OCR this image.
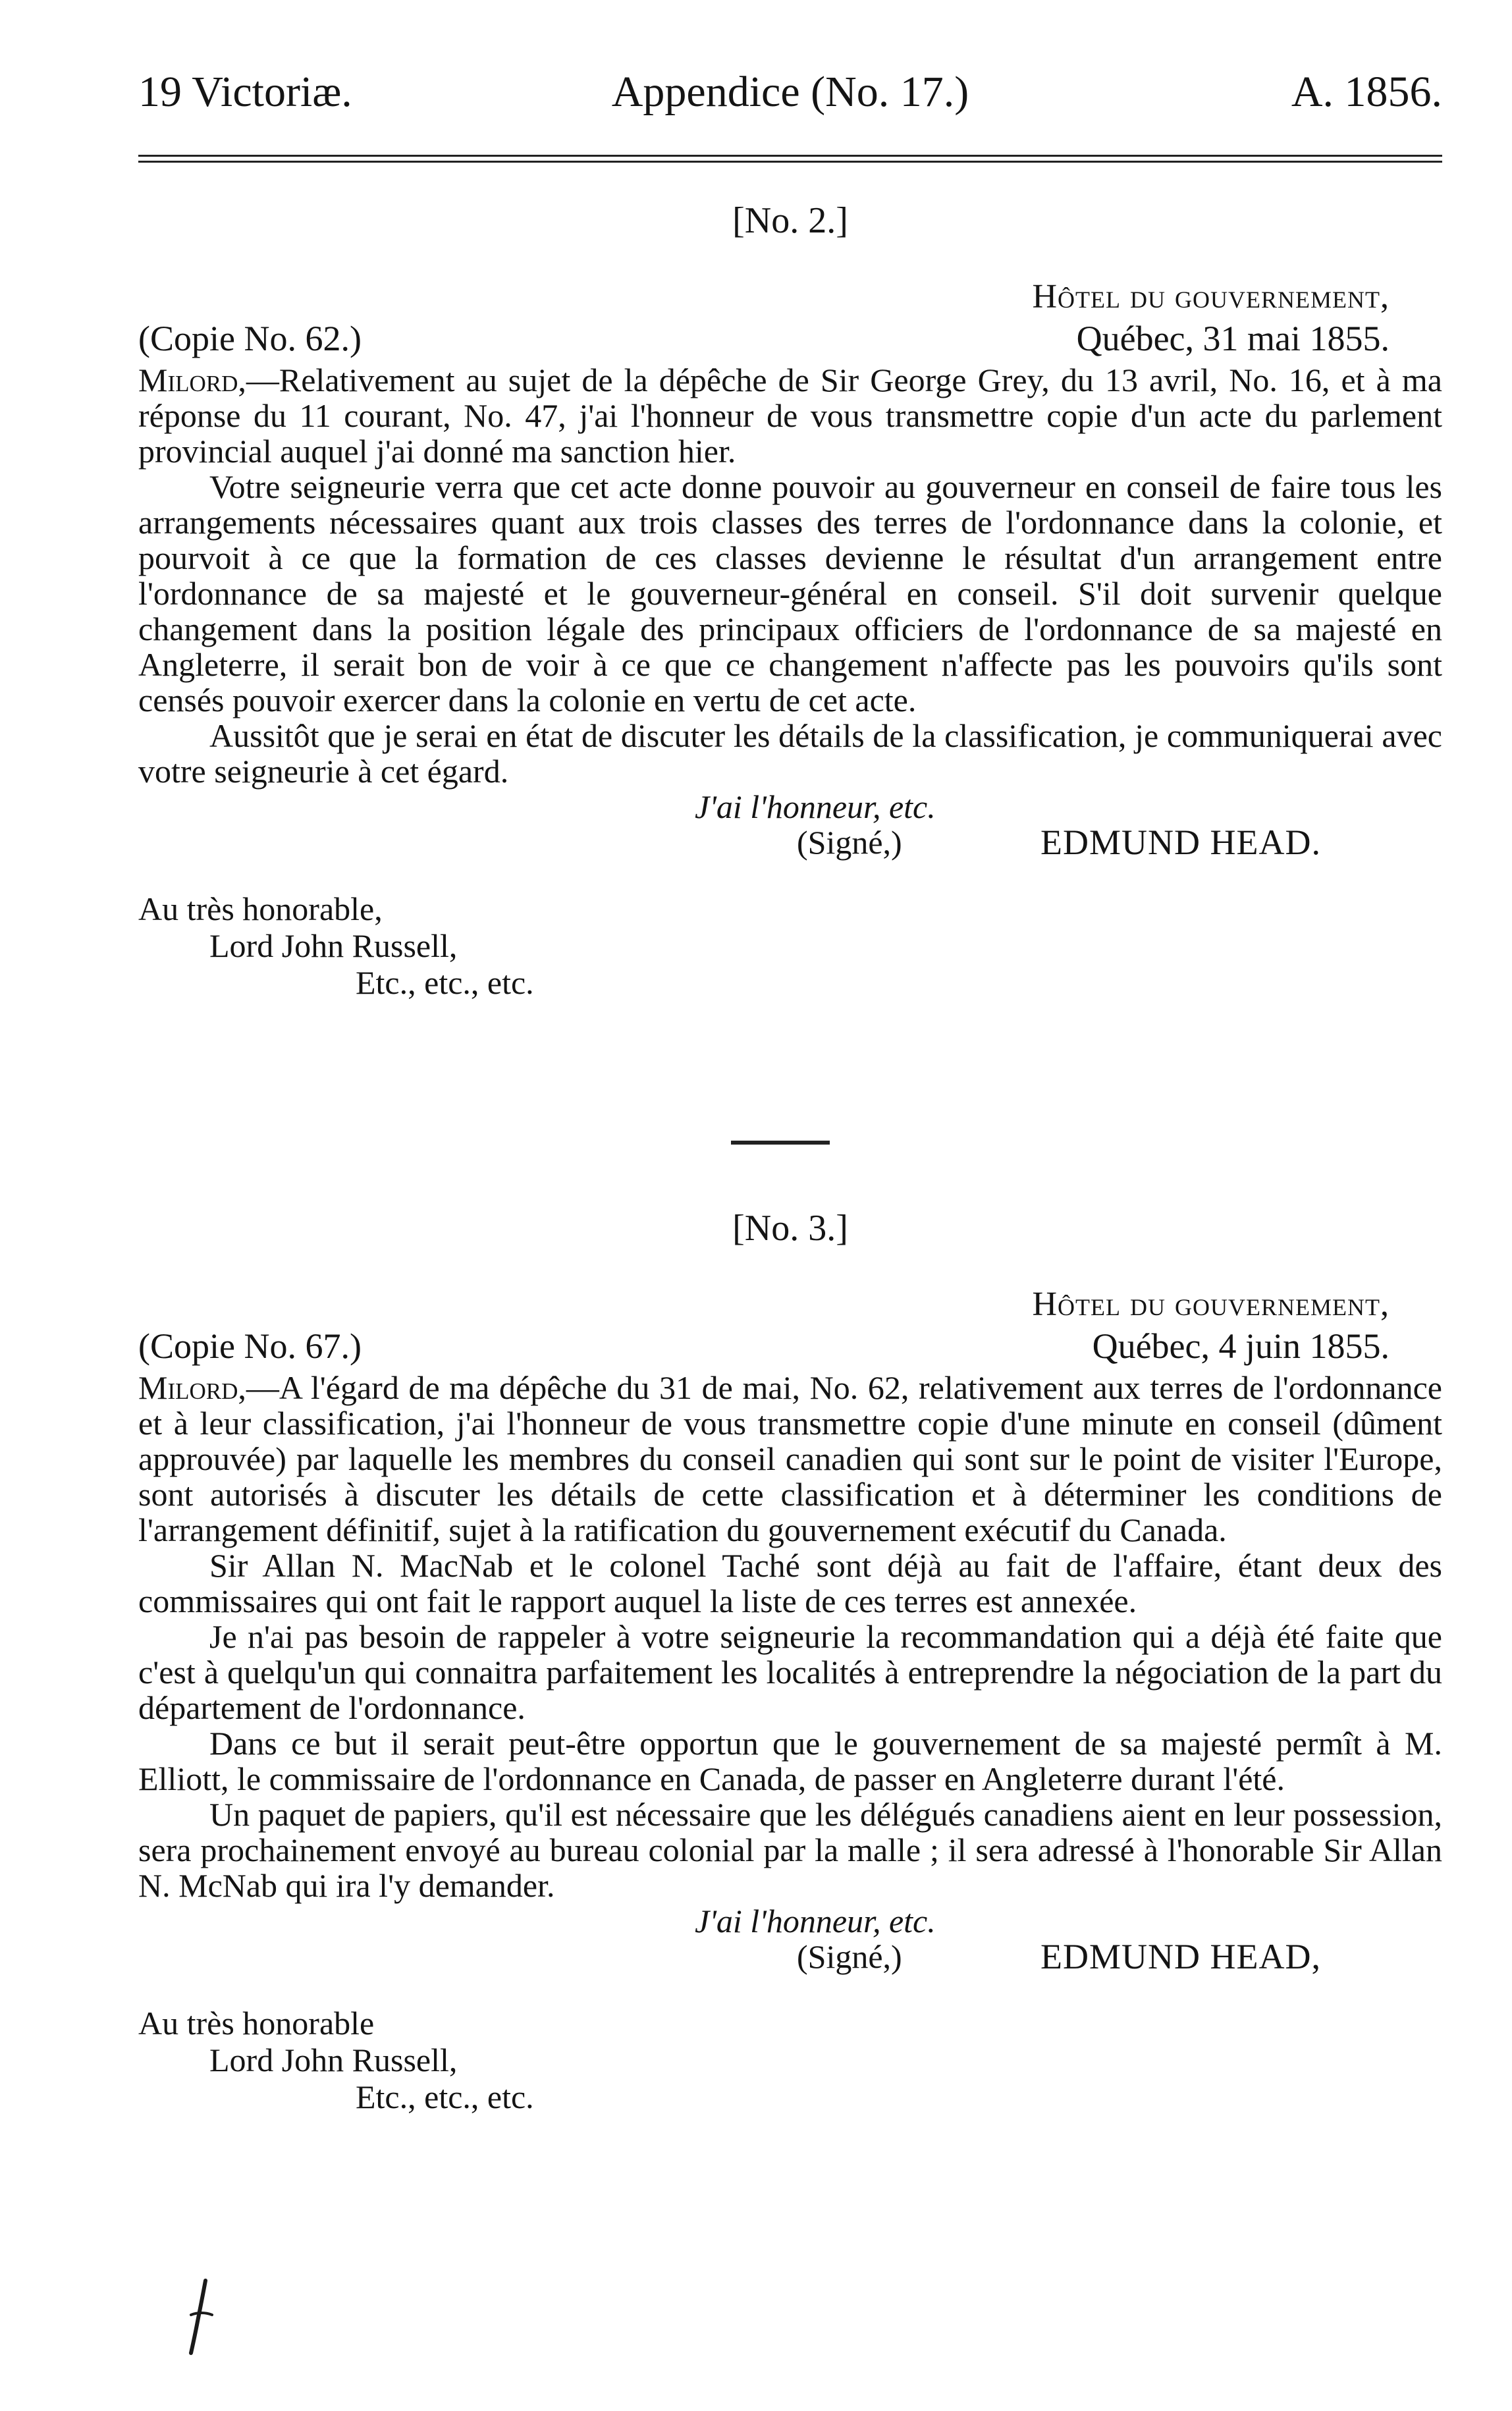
19 Victoriæ.	Appendice (No. 17.)	A. 1856.
[No. 2.]
Hôtel du gouvernement,
(Copie No. 62.)	Québec, 31 mai 1855.

Milord,—Relativement au sujet de la dépêche de Sir George Grey, du 13 avril, No. 16, et à ma réponse du 11 courant, No. 47, j'ai l'honneur de vous transmettre copie d'un acte du parlement provincial auquel j'ai donné ma sanction hier.

Votre seigneurie verra que cet acte donne pouvoir au gouverneur en conseil de faire tous les arrangements nécessaires quant aux trois classes des terres de l'ordonnance dans la colonie, et pourvoit à ce que la formation de ces classes devienne le résultat d'un arrangement entre l'ordonnance de sa majesté et le gouverneur-général en conseil. S'il doit survenir quelque changement dans la position légale des principaux officiers de l'ordonnance de sa majesté en Angleterre, il serait bon de voir à ce que ce changement n'affecte pas les pouvoirs qu'ils sont censés pouvoir exercer dans la colonie en vertu de cet acte.

Aussitôt que je serai en état de discuter les détails de la classification, je communiquerai avec votre seigneurie à cet égard.

J'ai l'honneur, etc.
(Signé,)	EDMUND HEAD.
Au très honorable,
Lord John Russell,
Etc., etc., etc.
[No. 3.]
Hôtel du gouvernement,
(Copie No. 67.)	Québec, 4 juin 1855.

Milord,—A l'égard de ma dépêche du 31 de mai, No. 62, relativement aux terres de l'ordonnance et à leur classification, j'ai l'honneur de vous transmettre copie d'une minute en conseil (dûment approuvée) par laquelle les membres du conseil canadien qui sont sur le point de visiter l'Europe, sont autorisés à discuter les détails de cette classification et à déterminer les conditions de l'arrangement définitif, sujet à la ratification du gouvernement exécutif du Canada.

Sir Allan N. MacNab et le colonel Taché sont déjà au fait de l'affaire, étant deux des commissaires qui ont fait le rapport auquel la liste de ces terres est annexée.

Je n'ai pas besoin de rappeler à votre seigneurie la recommandation qui a déjà été faite que c'est à quelqu'un qui connaitra parfaitement les localités à entreprendre la négociation de la part du département de l'ordonnance.

Dans ce but il serait peut-être opportun que le gouvernement de sa majesté permît à M. Elliott, le commissaire de l'ordonnance en Canada, de passer en Angleterre durant l'été.

Un paquet de papiers, qu'il est nécessaire que les délégués canadiens aient en leur possession, sera prochainement envoyé au bureau colonial par la malle ; il sera adressé à l'honorable Sir Allan N. McNab qui ira l'y demander.

J'ai l'honneur, etc.
(Signé,)	EDMUND HEAD,
Au très honorable
Lord John Russell,
Etc., etc., etc.
